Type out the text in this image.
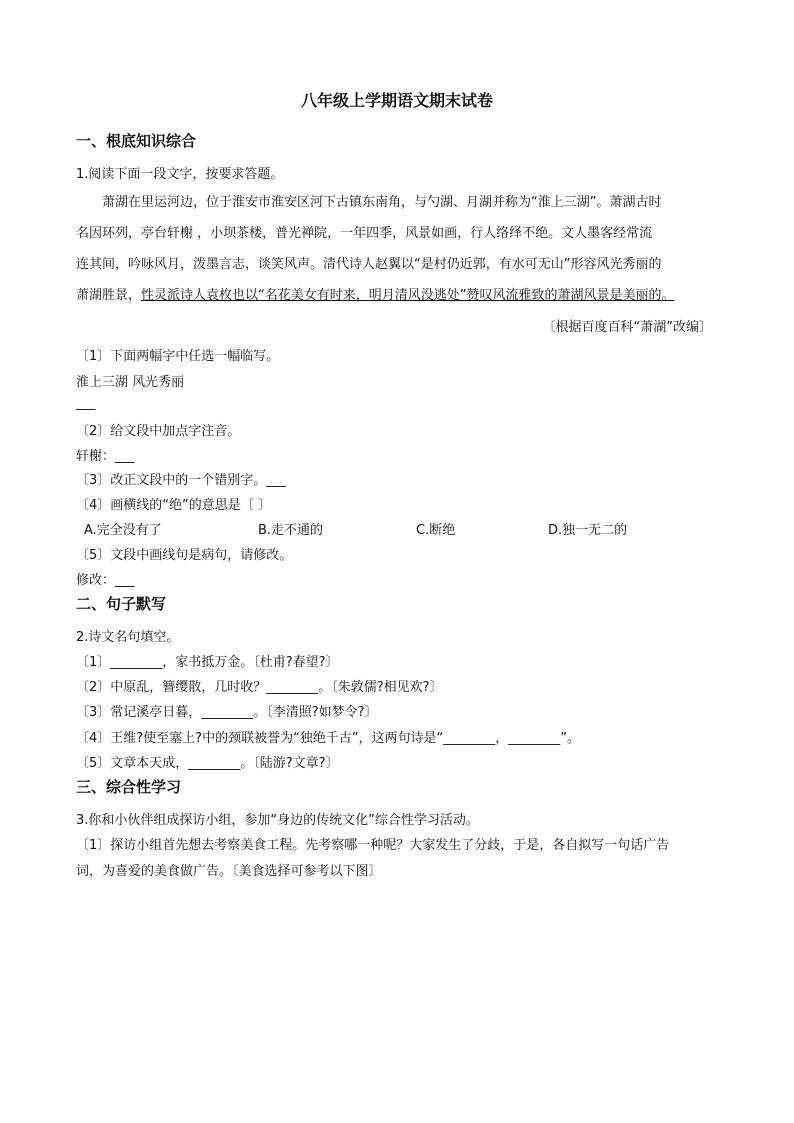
八年级上学期语文期末试卷
一、根底知识综合
1.阅读下面一段文字，按要求答题。
萧湖在里运河边，位于淮安市淮安区河下古镇东南角，与勺湖、月湖并称为“淮上三湖”。萧湖古时
名因环列，亭台轩榭 ，小坝茶楼，普光禅院，一年四季，风景如画，行人络绎不绝。文人墨客经常流
连其间，吟咏风月，泼墨言志，谈笑风声。清代诗人赵翼以“是村仍近郭，有水可无山”形容风光秀丽的
萧湖胜景，性灵派诗人袁枚也以“名花美女有时来，明月清风没逃处”赞叹风流雅致的萧湖风景是美丽的。
〔根据百度百科“萧湖”改编〕
〔1〕下面两幅字中任选一幅临写。
淮上三湖 风光秀丽
___
〔2〕给文段中加点字注音。
轩榭：___
〔3〕改正文段中的一个错别字。___
〔4〕画横线的“绝”的意思是〔 〕
A.完全没有了	B.走不通的	C.断绝	D.独一无二的
〔5〕文段中画线句是病句，请修改。
修改：___
二、句子默写
2.诗文名句填空。
〔1〕________，家书抵万金。〔杜甫?春望?〕
〔2〕中原乱，簪缨散，几时收？________。〔朱敦儒?相见欢?〕
〔3〕常记溪亭日暮，________。〔李清照?如梦令?〕
〔4〕王维?使至塞上?中的颈联被誉为“独绝千古”，这两句诗是“________，________”。
〔5〕文章本天成，________。〔陆游?文章?〕
三、综合性学习
3.你和小伙伴组成探访小组，参加“身边的传统文化”综合性学习活动。
〔1〕探访小组首先想去考察美食工程。先考察哪一种呢？大家发生了分歧，于是，各自拟写一句话广告
词，为喜爱的美食做广告。〔美食选择可参考以下图〕
